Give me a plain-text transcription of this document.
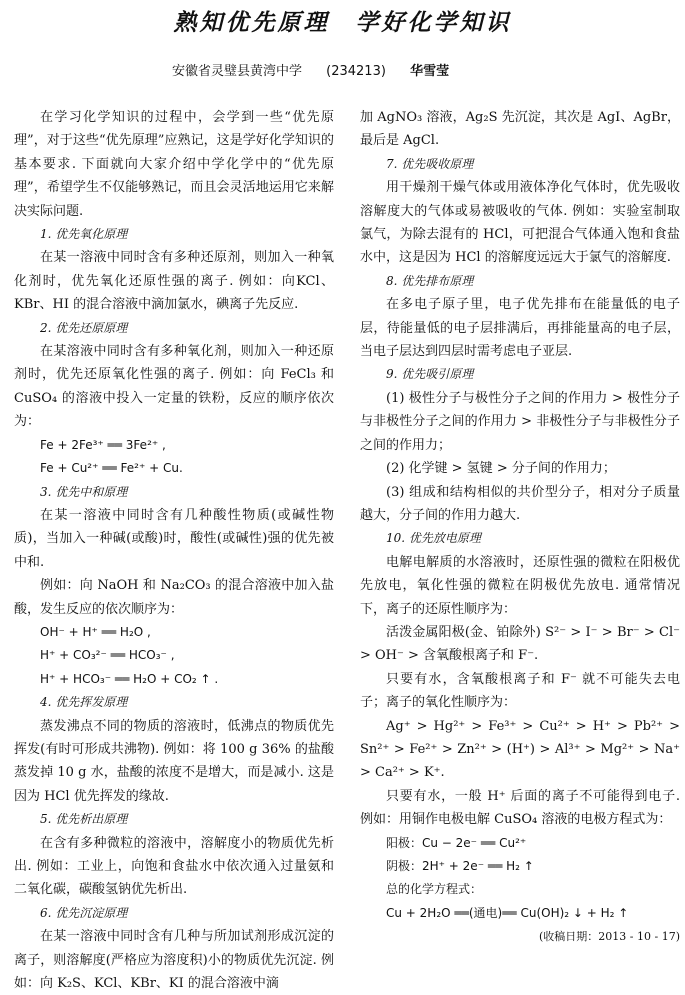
熟知优先原理　学好化学知识
安徽省灵璧县黄湾中学 (234213) 华雪莹

在学习化学知识的过程中，会学到一些“优先原理”，对于这些“优先原理”应熟记，这是学好化学知识的基本要求. 下面就向大家介绍中学化学中的“优先原理”，希望学生不仅能够熟记，而且会灵活地运用它来解决实际问题.

1. 优先氧化原理

在某一溶液中同时含有多种还原剂，则加入一种氧化剂时，优先氧化还原性强的离子. 例如：向KCl、KBr、HI 的混合溶液中滴加氯水，碘离子先反应.

2. 优先还原原理

在某溶液中同时含有多种氧化剂，则加入一种还原剂时，优先还原氧化性强的离子. 例如：向 FeCl₃ 和 CuSO₄ 的溶液中投入一定量的铁粉，反应的顺序依次为：

Fe + 2Fe³⁺ ══ 3Fe²⁺ ,

Fe + Cu²⁺ ══ Fe²⁺ + Cu.

3. 优先中和原理

在某一溶液中同时含有几种酸性物质(或碱性物质)，当加入一种碱(或酸)时，酸性(或碱性)强的优先被中和.

例如：向 NaOH 和 Na₂CO₃ 的混合溶液中加入盐酸，发生反应的依次顺序为：

OH⁻ + H⁺ ══ H₂O ,

H⁺ + CO₃²⁻ ══ HCO₃⁻ ,

H⁺ + HCO₃⁻ ══ H₂O + CO₂ ↑ .

4. 优先挥发原理

蒸发沸点不同的物质的溶液时，低沸点的物质优先挥发(有时可形成共沸物). 例如：将 100 g 36% 的盐酸蒸发掉 10 g 水，盐酸的浓度不是增大，而是减小. 这是因为 HCl 优先挥发的缘故.

5. 优先析出原理

在含有多种微粒的溶液中，溶解度小的物质优先析出. 例如：工业上，向饱和食盐水中依次通入过量氨和二氧化碳，碳酸氢钠优先析出.

6. 优先沉淀原理

在某一溶液中同时含有几种与所加试剂形成沉淀的离子，则溶解度(严格应为溶度积)小的物质优先沉淀. 例如：向 K₂S、KCl、KBr、KI 的混合溶液中滴

加 AgNO₃ 溶液，Ag₂S 先沉淀，其次是 AgI、AgBr，最后是 AgCl.

7. 优先吸收原理

用干燥剂干燥气体或用液体净化气体时，优先吸收溶解度大的气体或易被吸收的气体. 例如：实验室制取氯气，为除去混有的 HCl，可把混合气体通入饱和食盐水中，这是因为 HCl 的溶解度远远大于氯气的溶解度.

8. 优先排布原理

在多电子原子里，电子优先排布在能量低的电子层，待能量低的电子层排满后，再排能量高的电子层，当电子层达到四层时需考虑电子亚层.

9. 优先吸引原理

(1) 极性分子与极性分子之间的作用力 > 极性分子与非极性分子之间的作用力 > 非极性分子与非极性分子之间的作用力；

(2) 化学键 > 氢键 > 分子间的作用力；

(3) 组成和结构相似的共价型分子，相对分子质量越大，分子间的作用力越大.

10. 优先放电原理

电解电解质的水溶液时，还原性强的微粒在阳极优先放电，氧化性强的微粒在阴极优先放电. 通常情况下，离子的还原性顺序为：

活泼金属阳极(金、铂除外) S²⁻ > I⁻ > Br⁻ > Cl⁻ > OH⁻ > 含氧酸根离子和 F⁻.

只要有水，含氧酸根离子和 F⁻ 就不可能失去电子；离子的氧化性顺序为：

Ag⁺ > Hg²⁺ > Fe³⁺ > Cu²⁺ > H⁺ > Pb²⁺ > Sn²⁺ > Fe²⁺ > Zn²⁺ > (H⁺) > Al³⁺ > Mg²⁺ > Na⁺ > Ca²⁺ > K⁺.

只要有水，一般 H⁺ 后面的离子不可能得到电子. 例如：用铜作电极电解 CuSO₄ 溶液的电极方程式为：

阳极：Cu − 2e⁻ ══ Cu²⁺

阴极：2H⁺ + 2e⁻ ══ H₂ ↑

总的化学方程式：

Cu + 2H₂O ══(通电)══ Cu(OH)₂ ↓ + H₂ ↑

(收稿日期：2013 - 10 - 17)
